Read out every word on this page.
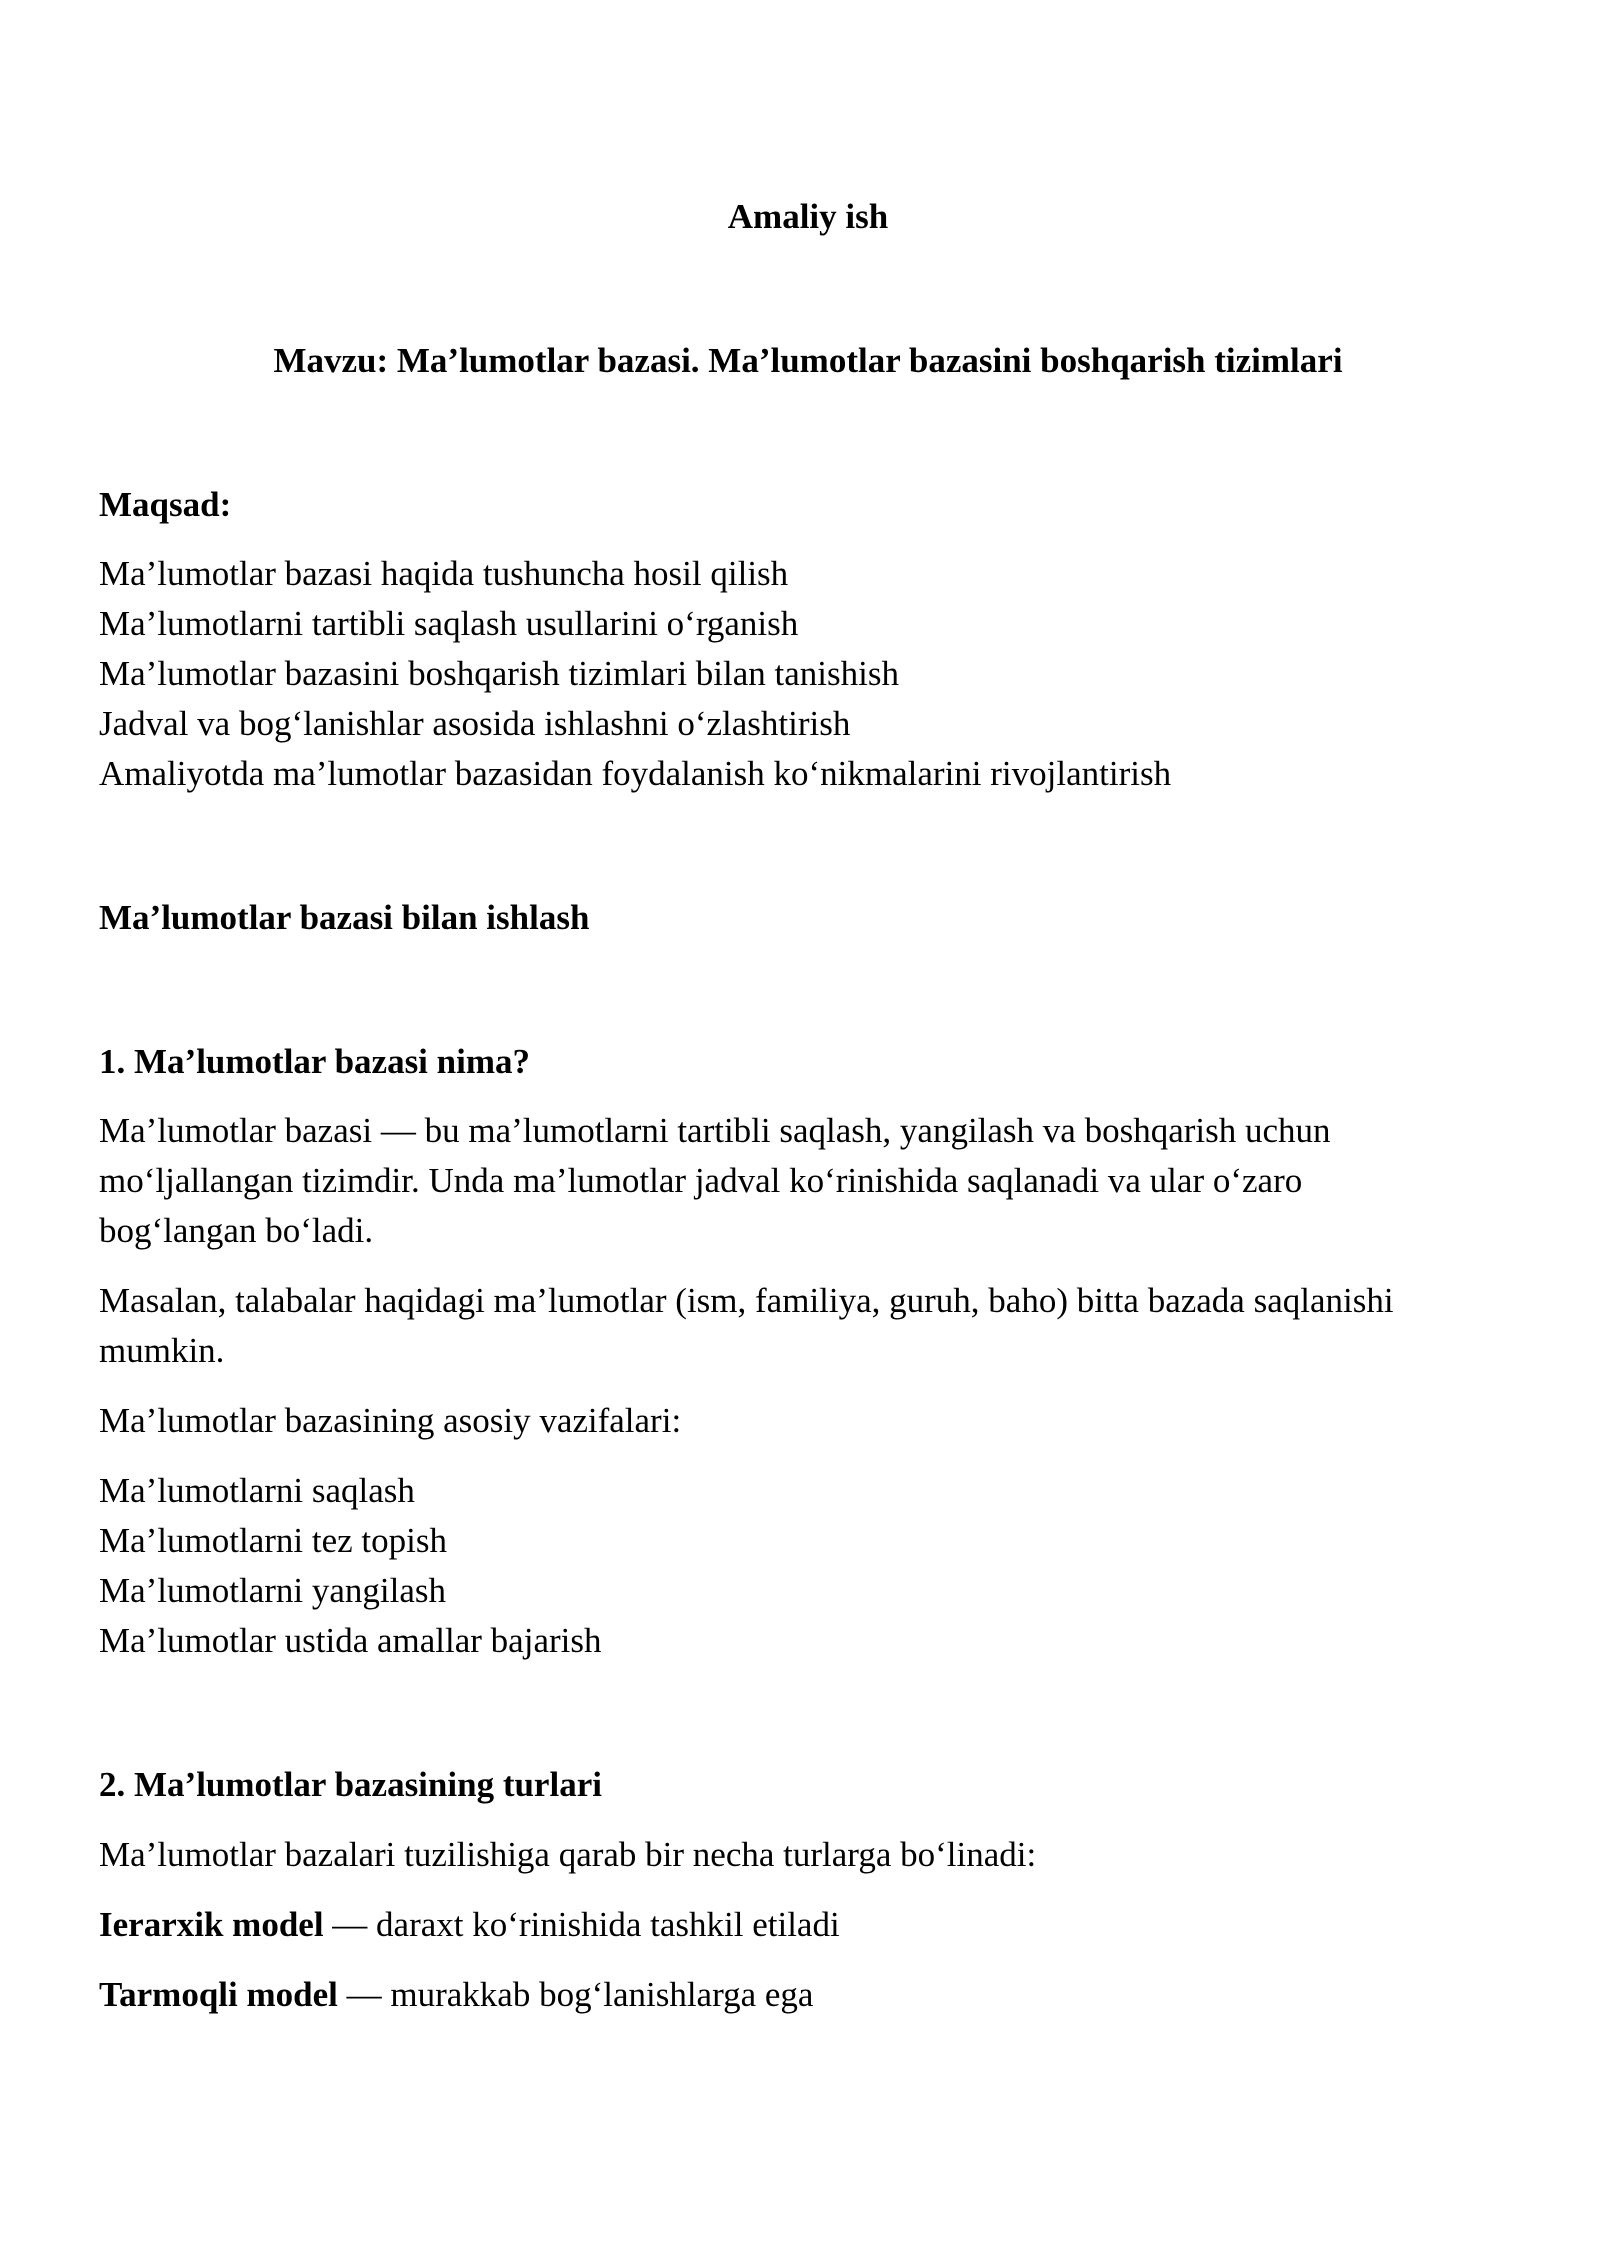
Amaliy ish

Mavzu: Ma’lumotlar bazasi. Ma’lumotlar bazasini boshqarish tizimlari

Maqsad:

Ma’lumotlar bazasi haqida tushuncha hosil qilish
Ma’lumotlarni tartibli saqlash usullarini o‘rganish
Ma’lumotlar bazasini boshqarish tizimlari bilan tanishish
Jadval va bog‘lanishlar asosida ishlashni o‘zlashtirish
Amaliyotda ma’lumotlar bazasidan foydalanish ko‘nikmalarini rivojlantirish

Ma’lumotlar bazasi bilan ishlash

1. Ma’lumotlar bazasi nima?

Ma’lumotlar bazasi — bu ma’lumotlarni tartibli saqlash, yangilash va boshqarish uchun
mo‘ljallangan tizimdir. Unda ma’lumotlar jadval ko‘rinishida saqlanadi va ular o‘zaro
bog‘langan bo‘ladi.
Masalan, talabalar haqidagi ma’lumotlar (ism, familiya, guruh, baho) bitta bazada saqlanishi
mumkin.

Ma’lumotlar bazasining asosiy vazifalari:

Ma’lumotlarni saqlash
Ma’lumotlarni tez topish
Ma’lumotlarni yangilash
Ma’lumotlar ustida amallar bajarish

2. Ma’lumotlar bazasining turlari

Ma’lumotlar bazalari tuzilishiga qarab bir necha turlarga bo‘linadi:

Ierarxik model — daraxt ko‘rinishida tashkil etiladi

Tarmoqli model — murakkab bog‘lanishlarga ega
